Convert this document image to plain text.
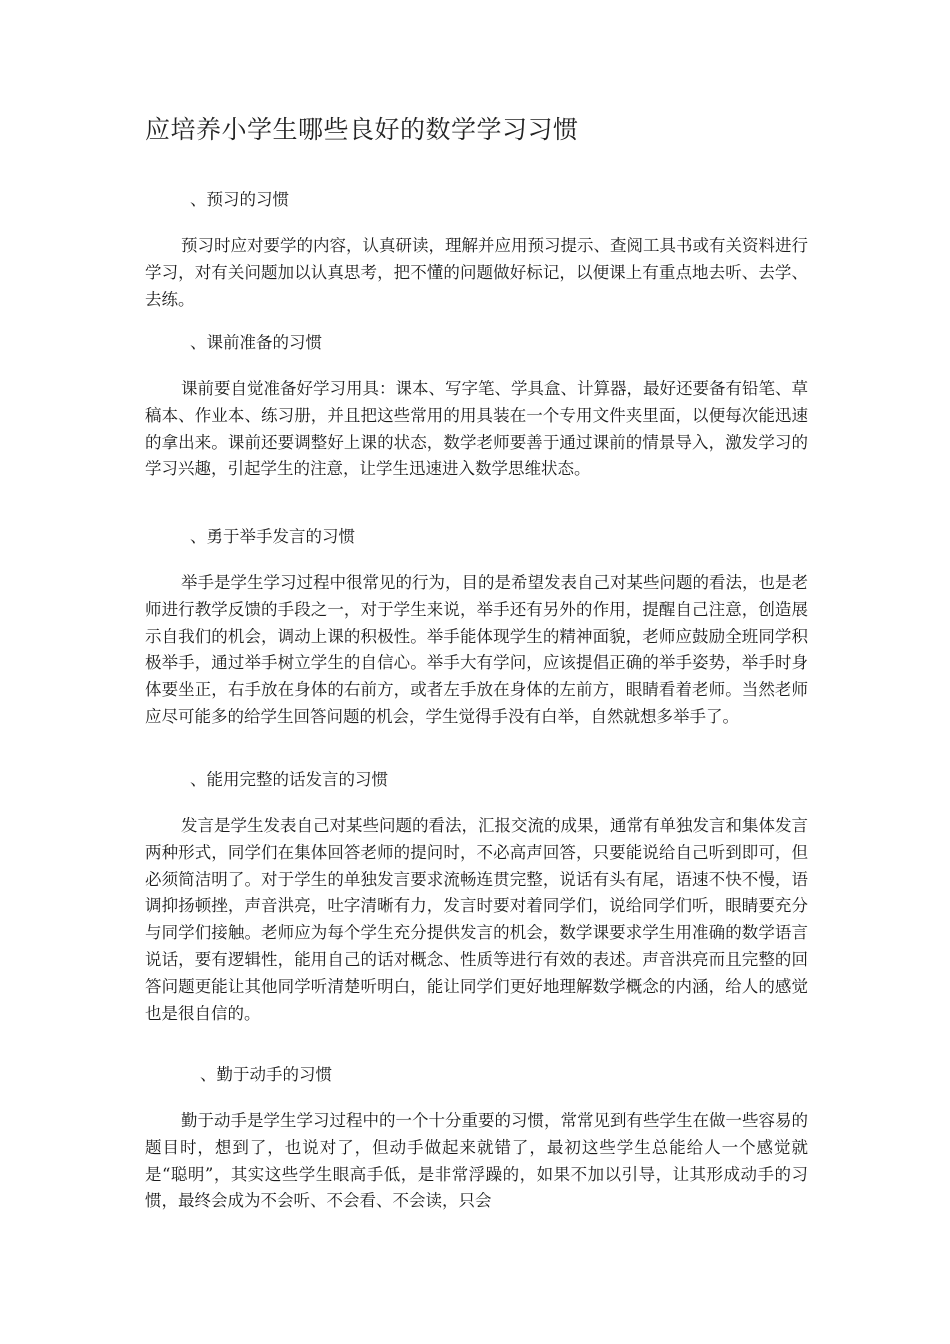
应培养小学生哪些良好的数学学习习惯

、预习的习惯

预习时应对要学的内容，认真研读，理解并应用预习提示、查阅工具书或有关资料进行学习，对有关问题加以认真思考，把不懂的问题做好标记，以便课上有重点地去听、去学、去练。

、课前准备的习惯

课前要自觉准备好学习用具：课本、写字笔、学具盒、计算器，最好还要备有铅笔、草稿本、作业本、练习册，并且把这些常用的用具装在一个专用文件夹里面，以便每次能迅速的拿出来。课前还要调整好上课的状态，数学老师要善于通过课前的情景导入，激发学习的学习兴趣，引起学生的注意，让学生迅速进入数学思维状态。

、勇于举手发言的习惯

举手是学生学习过程中很常见的行为，目的是希望发表自己对某些问题的看法，也是老师进行教学反馈的手段之一，对于学生来说，举手还有另外的作用，提醒自己注意，创造展示自我们的机会，调动上课的积极性。举手能体现学生的精神面貌，老师应鼓励全班同学积极举手，通过举手树立学生的自信心。举手大有学问，应该提倡正确的举手姿势，举手时身体要坐正，右手放在身体的右前方，或者左手放在身体的左前方，眼睛看着老师。当然老师应尽可能多的给学生回答问题的机会，学生觉得手没有白举，自然就想多举手了。

、能用完整的话发言的习惯

发言是学生发表自己对某些问题的看法，汇报交流的成果，通常有单独发言和集体发言两种形式，同学们在集体回答老师的提问时，不必高声回答，只要能说给自己听到即可，但必须简洁明了。对于学生的单独发言要求流畅连贯完整，说话有头有尾，语速不快不慢，语调抑扬顿挫，声音洪亮，吐字清晰有力，发言时要对着同学们，说给同学们听，眼睛要充分与同学们接触。老师应为每个学生充分提供发言的机会，数学课要求学生用准确的数学语言说话，要有逻辑性，能用自己的话对概念、性质等进行有效的表述。声音洪亮而且完整的回答问题更能让其他同学听清楚听明白，能让同学们更好地理解数学概念的内涵，给人的感觉也是很自信的。

、勤于动手的习惯

勤于动手是学生学习过程中的一个十分重要的习惯，常常见到有些学生在做一些容易的题目时，想到了，也说对了，但动手做起来就错了，最初这些学生总能给人一个感觉就是“聪明”，其实这些学生眼高手低，是非常浮躁的，如果不加以引导，让其形成动手的习惯，最终会成为不会听、不会看、不会读，只会
